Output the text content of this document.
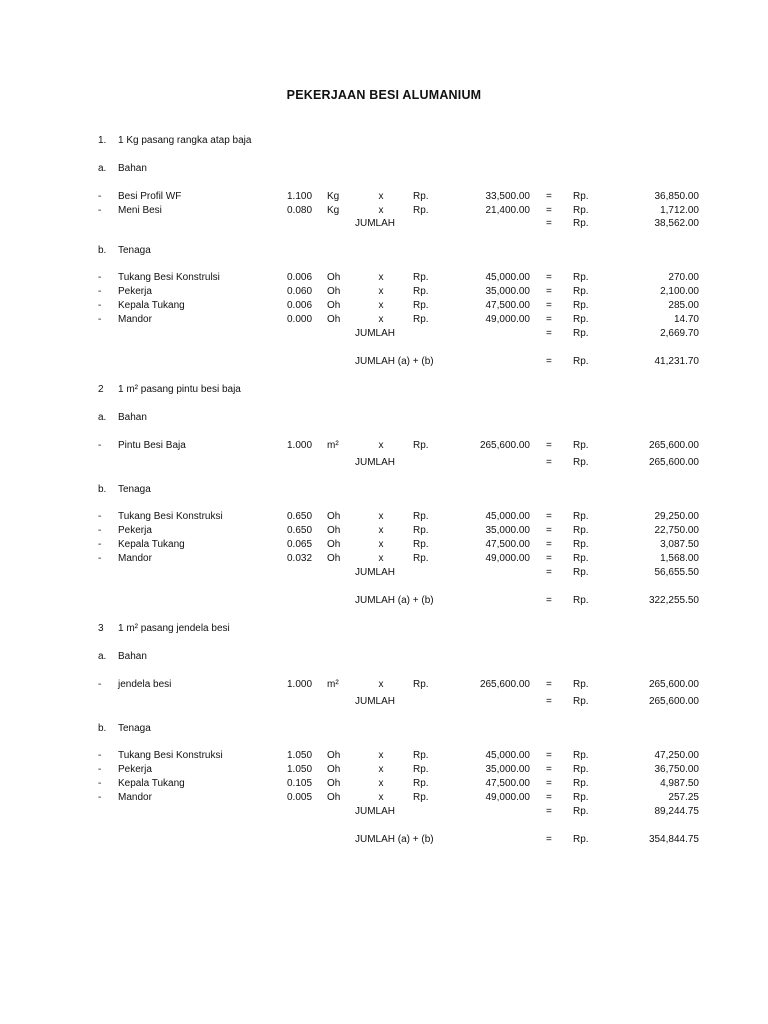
PEKERJAAN BESI ALUMANIUM
1. 1 Kg pasang rangka atap baja
a. Bahan
- Besi Profil WF	1.100 Kg	x	Rp.	33,500.00 = Rp.	36,850.00
- Meni Besi	0.080 Kg	x	Rp.	21,400.00 = Rp.	1,712.00
JUMLAH	= Rp.	38,562.00
b. Tenaga
- Tukang Besi Konstrulsi	0.006 Oh	x	Rp.	45,000.00 = Rp.	270.00
- Pekerja	0.060 Oh	x	Rp.	35,000.00 = Rp.	2,100.00
- Kepala Tukang	0.006 Oh	x	Rp.	47,500.00 = Rp.	285.00
- Mandor	0.000 Oh	x	Rp.	49,000.00 = Rp.	14.70
JUMLAH	= Rp.	2,669.70
JUMLAH (a) + (b)	= Rp.	41,231.70
2 1 m² pasang pintu besi baja
a. Bahan
- Pintu Besi Baja	1.000 m²	x	Rp.	265,600.00 = Rp.	265,600.00
JUMLAH	= Rp.	265,600.00
b. Tenaga
- Tukang Besi Konstruksi	0.650 Oh	x	Rp.	45,000.00 = Rp.	29,250.00
- Pekerja	0.650 Oh	x	Rp.	35,000.00 = Rp.	22,750.00
- Kepala Tukang	0.065 Oh	x	Rp.	47,500.00 = Rp.	3,087.50
- Mandor	0.032 Oh	x	Rp.	49,000.00 = Rp.	1,568.00
JUMLAH	= Rp.	56,655.50
JUMLAH (a) + (b)	= Rp.	322,255.50
3 1 m² pasang jendela besi
a. Bahan
- jendela besi	1.000 m²	x	Rp.	265,600.00 = Rp.	265,600.00
JUMLAH	= Rp.	265,600.00
b. Tenaga
- Tukang Besi Konstruksi	1.050 Oh	x	Rp.	45,000.00 = Rp.	47,250.00
- Pekerja	1.050 Oh	x	Rp.	35,000.00 = Rp.	36,750.00
- Kepala Tukang	0.105 Oh	x	Rp.	47,500.00 = Rp.	4,987.50
- Mandor	0.005 Oh	x	Rp.	49,000.00 = Rp.	257.25
JUMLAH	= Rp.	89,244.75
JUMLAH (a) + (b)	= Rp.	354,844.75
